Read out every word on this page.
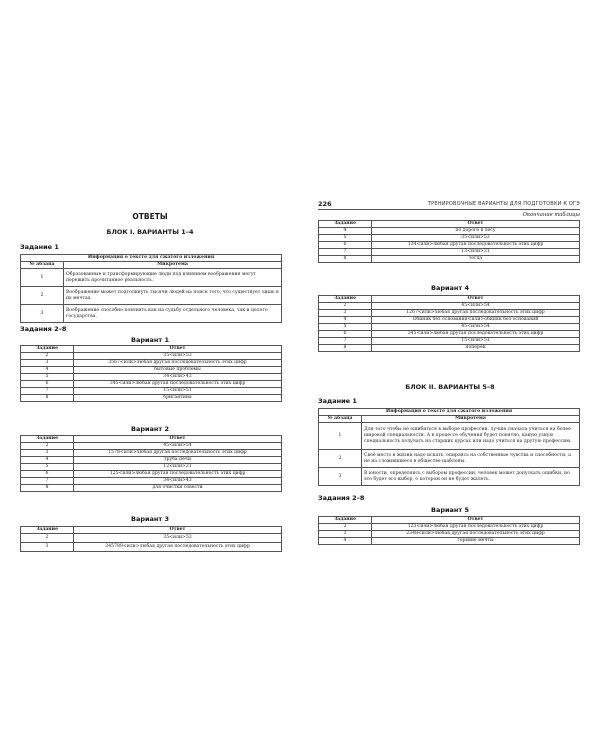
ОТВЕТЫ
БЛОК I. ВАРИАНТЫ 1–4
Задание 1
Информация о тексте для сжатого изложения	
№ абзаца	Микротема
1	Образованные и трансформирующие люди под влиянием воображения могут пережить прочитанное реальность.
2	Воображение может подтолкнуть тысячи людей на поиск того, что существует лишь в их мечтах.
3	Воображение способно повлиять как на судьбу отдельного человека, так и целого государства.
Задания 2–8
Вариант 1
Задание	Ответ
2	35<или>53
3	3567<или>любая другая последовательность этих цифр
4	бытовые проблемы
5	34<или>43
6	345<или>любая другая последовательность этих цифр
7	15<или>51
8	бригантина
Вариант 2
Задание	Ответ
2	45<или>54
3	1578<или>любая другая последовательность этих цифр
4	труба печи
5	12<или>21
6	125<или>любая другая последовательность этих цифр
7	34<или>43
8	для очистки совести
Вариант 3
Задание	Ответ
2	35<или>53
3	345789<или>любая другая последовательность этих цифр
226	ТРЕНИРОВОЧНЫЕ ВАРИАНТЫ ДЛЯ ПОДГОТОВКИ К ОГЭ
Окончание таблицы
Задание	Ответ
4	по дороге в лесу
5	35<или>53
6	134<или>любая другая последовательность этих цифр
7	13<или>31
8	тогда
Вариант 4
Задание	Ответ
2	45<или>54
3	1267<или>любая другая последовательность этих цифр
4	Обиняк без основания<или>обиняк без оснований
5	45<или>54
6	345<или>любая другая последовательность этих цифр
7	15<или>51
8	поперёк
БЛОК II. ВАРИАНТЫ 5–8
Задание 1
Информация о тексте для сжатого изложения	
№ абзаца	Микротема
1	Для того чтобы не ошибиться в выборе профессии, лучше сначала учиться на более широкой специальности. А в процессе обучения будет понятно, какую узкую специальность получать на старших курсах или надо учиться на другую профессию.
2	Своё место в жизни надо искать, опираясь на собственные чувства и способности, а не на сложившиеся в обществе шаблоны.
3	В юности, определяясь с выбором профессии, человек может допускать ошибки, но это будет его выбор, о котором он не будет жалеть.
Задания 2–8
Вариант 5
Задание	Ответ
2	123<или>любая другая последовательность этих цифр
3	2348<или>любая другая последовательность этих цифр
4	горькие мечты
